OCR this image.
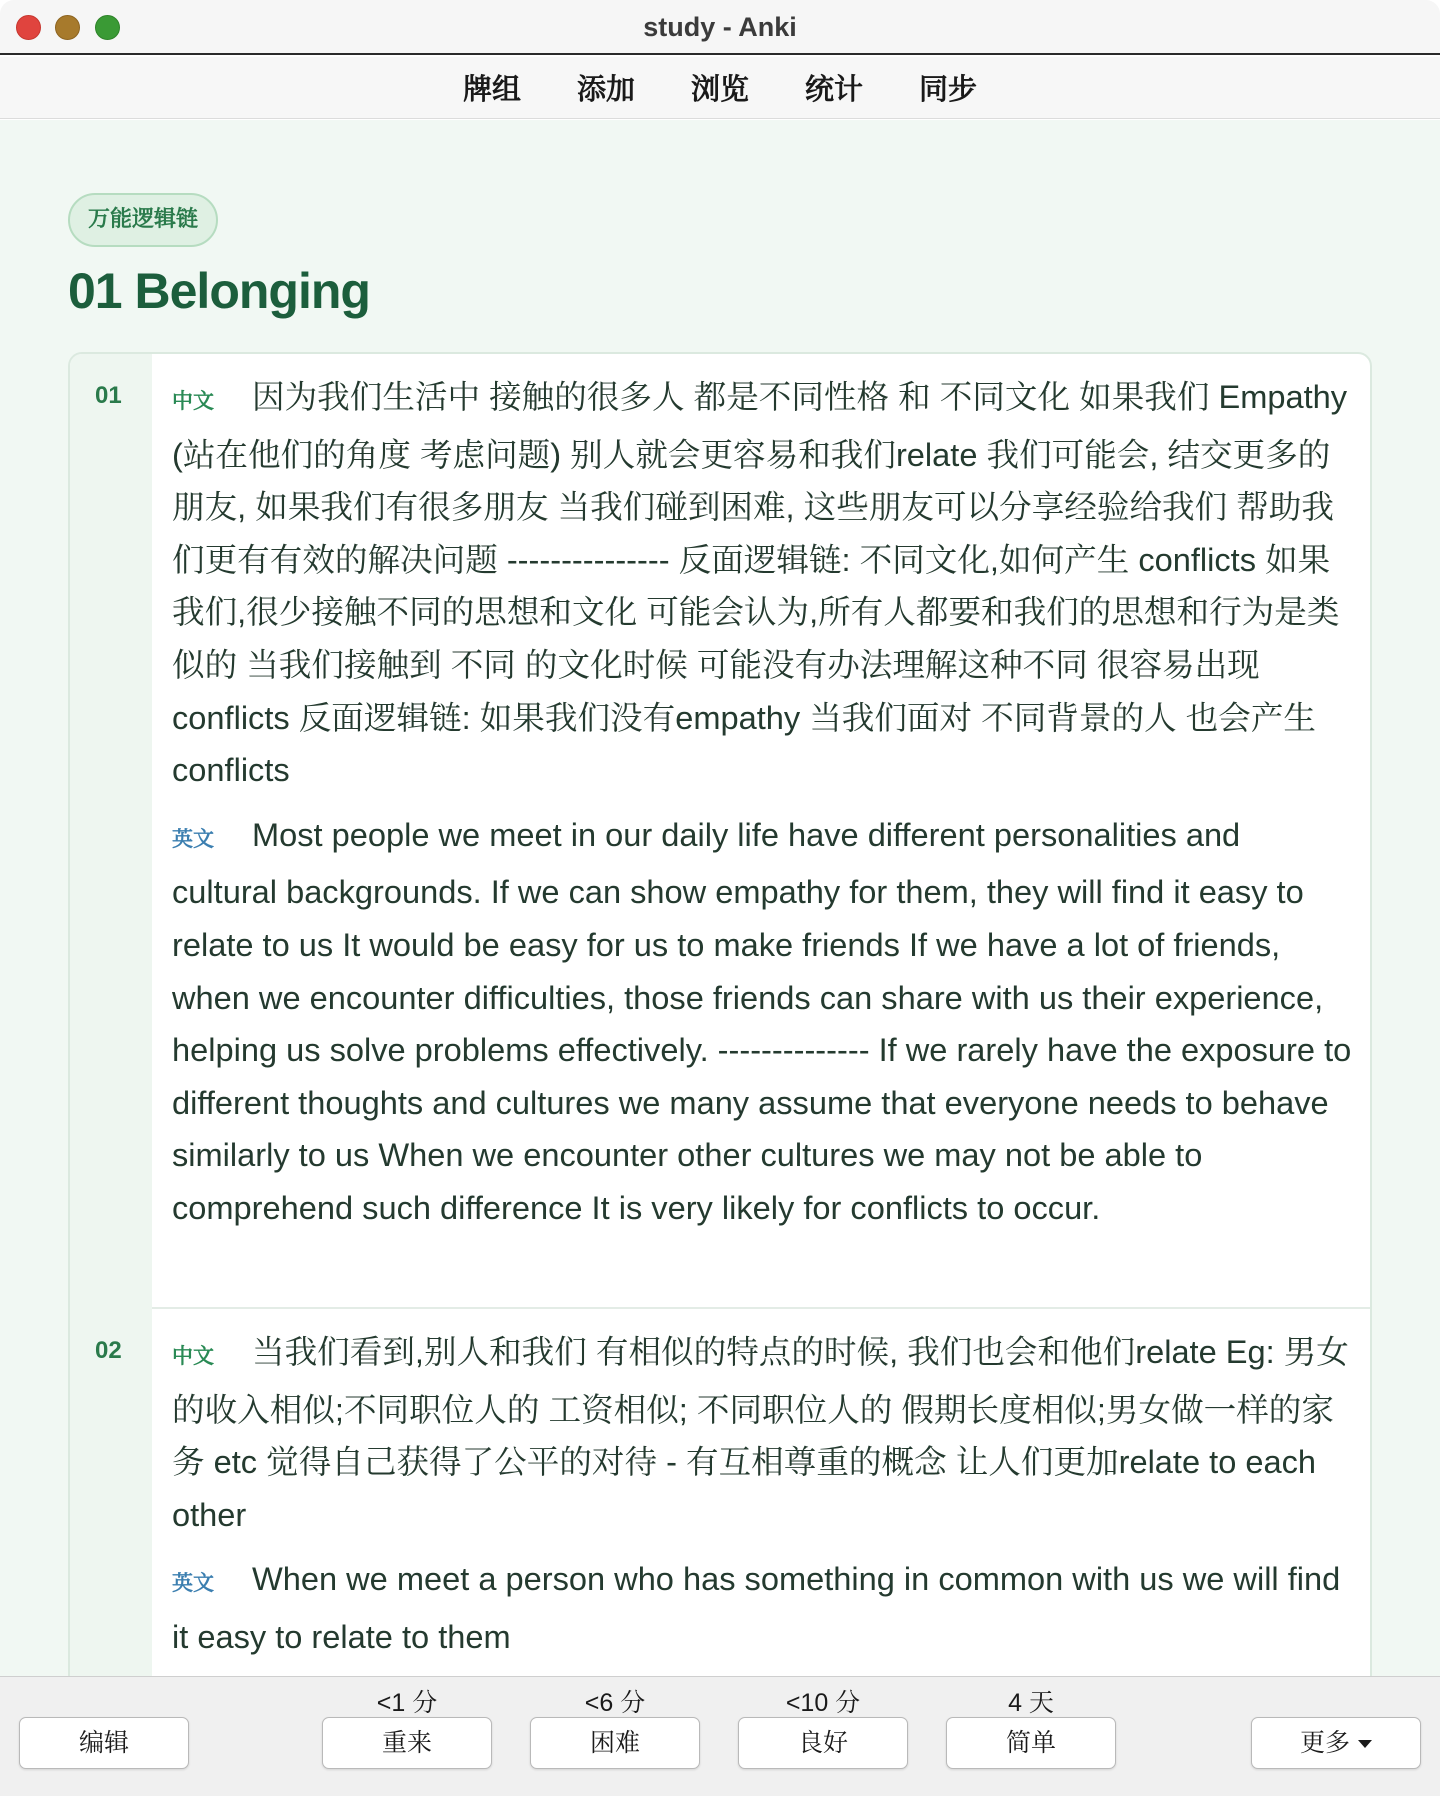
study - Anki
牌组	添加	浏览	统计	同步
万能逻辑链
01 Belonging
01 中文 因为我们生活中 接触的很多人 都是不同性格 和 不同文化 如果我们 Empathy (站在他们的角度 考虑问题) 别人就会更容易和我们relate 我们可能会, 结交更多的朋友, 如果我们有很多朋友 当我们碰到困难, 这些朋友可以分享经验给我们 帮助我们更有有效的解决问题 --------------- 反面逻辑链: 不同文化,如何产生 conflicts 如果我们,很少接触不同的思想和文化 可能会认为,所有人都要和我们的思想和行为是类似的 当我们接触到 不同 的文化时候 可能没有办法理解这种不同 很容易出现conflicts 反面逻辑链: 如果我们没有empathy 当我们面对 不同背景的人 也会产生 conflicts

英文 Most people we meet in our daily life have different personalities and cultural backgrounds. If we can show empathy for them, they will find it easy to relate to us It would be easy for us to make friends If we have a lot of friends, when we encounter difficulties, those friends can share with us their experience, helping us solve problems effectively. -------------- If we rarely have the exposure to different thoughts and cultures we many assume that everyone needs to behave similarly to us When we encounter other cultures we may not be able to comprehend such difference It is very likely for conflicts to occur.

02 中文 当我们看到,别人和我们 有相似的特点的时候, 我们也会和他们relate Eg: 男女的收入相似;不同职位人的 工资相似; 不同职位人的 假期长度相似;男女做一样的家务 etc 觉得自己获得了公平的对待 - 有互相尊重的概念 让人们更加relate to each other

英文 When we meet a person who has something in common with us we will find it easy to relate to them

编辑
<1 分
重来
<6 分
困难
<10 分
良好
4 天
简单	更多
